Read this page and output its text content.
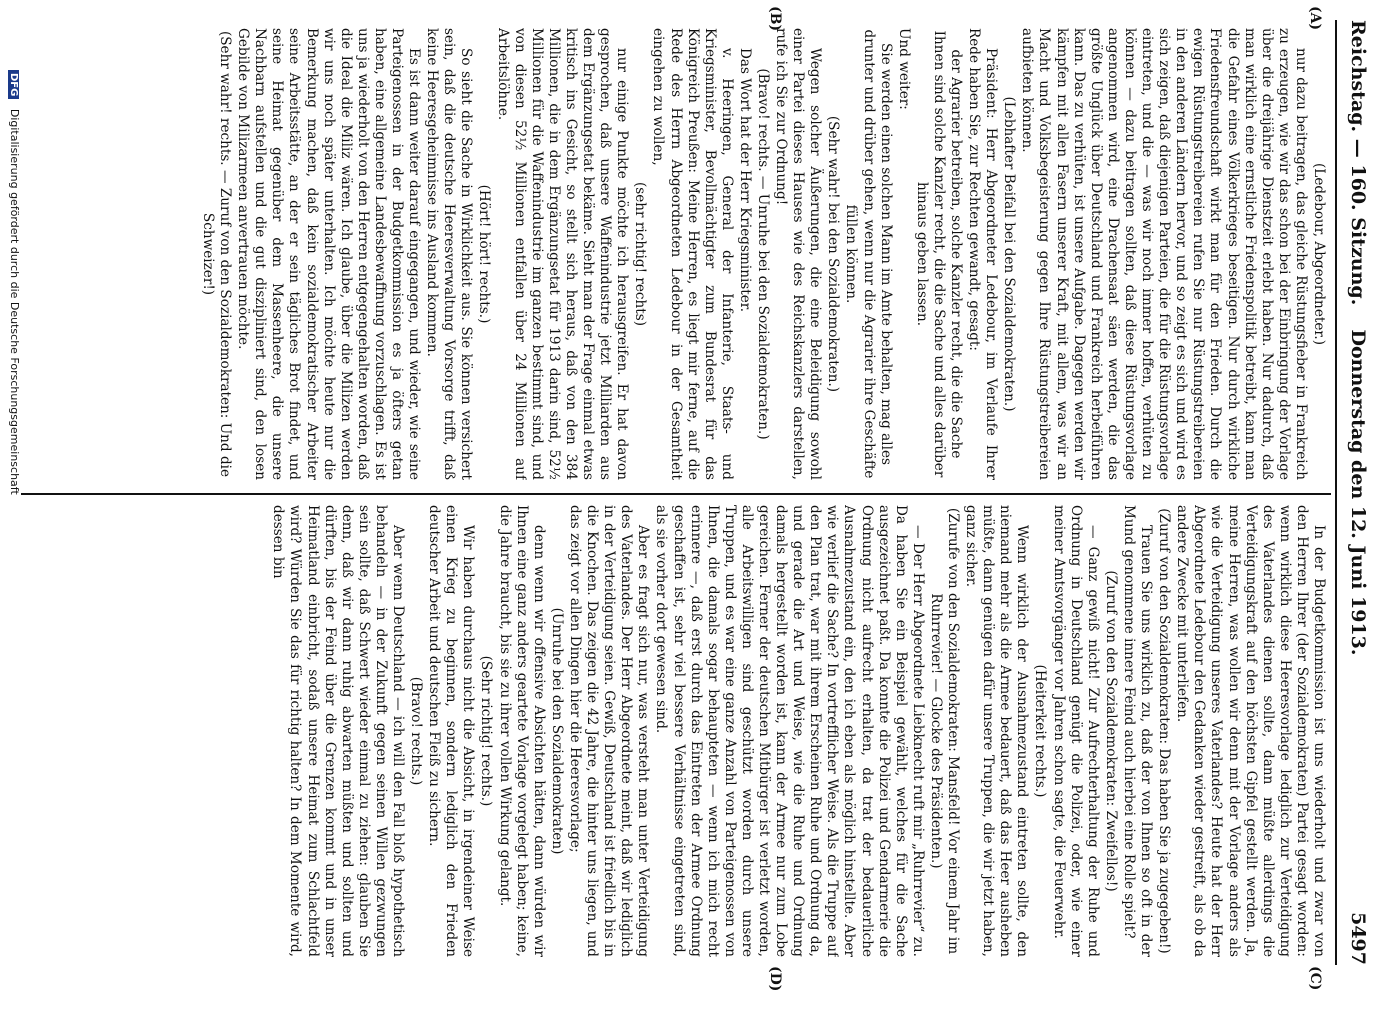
Reichstag. — 160. Sitzung.
Donnerstag den 12. Juni 1913.
5497
(A)
(B)
(C)
(D)

(Ledebour, Abgeordneter.)

nur dazu beitragen, das gleiche Rüstungsfieber in Frankreich zu erzeugen, wie wir das schon bei der Einbringung der Vorlage über die dreijährige Dienstzeit erlebt haben. Nur dadurch, daß man wirklich eine ernstliche Friedenspolitik betreibt, kann man die Gefahr eines Völkerkrieges beseitigen. Nur durch wirkliche Friedensfreundschaft wirkt man für den Frieden. Durch die ewigen Rüstungstreibereien rufen Sie nur Rüstungstreibereien in den anderen Ländern hervor, und so zeigt es sich und wird es sich zeigen, daß diejenigen Parteien, die für die Rüstungsvorlage eintreten, und die — was wir noch immer hoffen, verhüten zu können — dazu beitragen sollten, daß diese Rüstungsvorlage angenommen wird, eine Drachensaat säen werden, die das größte Unglück über Deutschland und Frankreich herbeiführen kann. Das zu verhüten, ist unsere Aufgabe. Dagegen werden wir kämpfen mit allen Fasern unserer Kraft, mit allem, was wir an Macht und Volksbegeisterung gegen Ihre Rüstungstreibereien aufbieten können.

(Lebhafter Beifall bei den Sozialdemokraten.)

Präsident: Herr Abgeordneter Ledebour, im Verlaufe Ihrer Rede haben Sie, zur Rechten gewandt, gesagt:

der Agrarier betreiben, solche Kanzler recht, die die Sache Ihnen sind solche Kanzler recht, die die Sache und alles darüber hinaus geben lassen.

Und weiter:

Sie werden einen solchen Mann im Amte behalten, mag alles drunter und drüber gehen, wenn nur die Agrarier ihre Geschäfte füllen können.

(Sehr wahr! bei den Sozialdemokraten.)

Wegen solcher Äußerungen, die eine Beleidigung sowohl einer Partei dieses Hauses wie des Reichskanzlers darstellen, rufe ich Sie zur Ordnung!

(Bravo! rechts. — Unruhe bei den Sozialdemokraten.)

Das Wort hat der Herr Kriegsminister.

v. Heeringen, General der Infanterie, Staats- und Kriegsminister, Bevollmächtigter zum Bundesrat für das Königreich Preußen: Meine Herren, es liegt mir ferne, auf die Rede des Herrn Abgeordneten Ledebour in der Gesamtheit eingehen zu wollen,

(sehr richtig! rechts)

nur einige Punkte möchte ich herausgreifen. Er hat davon gesprochen, daß unsere Waffenindustrie jetzt Milliarden aus dem Ergänzungsetat bekäme. Sieht man der Frage einmal etwas kritisch ins Gesicht, so stellt sich heraus, daß von den 384 Millionen, die in dem Ergänzungsetat für 1913 darin sind, 52½ Millionen für die Waffenindustrie im ganzen bestimmt sind, und von diesen 52½ Millionen entfallen über 24 Millionen auf Arbeitslöhne.

(Hört! hört! rechts.)

So sieht die Sache in Wirklichkeit aus. Sie können versichert sein, daß die deutsche Heeresverwaltung Vorsorge trifft, daß keine Heeresgeheimnisse ins Ausland kommen.

Es ist dann weiter darauf eingegangen, und wieder, wie seine Parteigenossen in der Budgetkommission es ja öfters getan haben, eine allgemeine Landesbewaffnung vorzuschlagen. Es ist uns ja wiederholt von den Herren entgegengehalten worden, daß die Ideal die Miliz wären. Ich glaube, über die Milizen werden wir uns noch später unterhalten. Ich möchte heute nur die Bemerkung machen, daß kein sozialdemokratischer Arbeiter seine Arbeitsstätte, an der er sein tägliches Brot findet, und seine Heimat gegenüber dem Massenheere, die unsere Nachbarn aufstellen und die gut diszipliniert sind, den losen Gebilde von Milizarmeen anvertrauen möchte.

(Sehr wahr! rechts. — Zuruf von den Sozialdemokraten: Und die Schweizer!)

In der Budgetkommission ist uns wiederholt und zwar von den Herren Ihrer (der Sozialdemokraten) Partei gesagt worden: wenn wirklich diese Heeresvorlage lediglich zur Verteidigung des Vaterlandes dienen sollte, dann müßte allerdings die Verteidigungskraft auf den höchsten Gipfel gestellt werden. Ja, meine Herren, was wollen wir denn mit der Vorlage anders als wie die Verteidigung unseres Vaterlandes? Heute hat der Herr Abgeordnete Ledebour den Gedanken wieder gestreift, als ob da andere Zwecke mit unterliefen.

(Zuruf von den Sozialdemokraten: Das haben Sie ja zugegeben!)

Trauen Sie uns wirklich zu, daß der von Ihnen so oft in der Mund genommene innere Feind auch hierbei eine Rolle spielt?

(Zuruf von den Sozialdemokraten: Zweifellos!)

— Ganz gewiß nicht! Zur Aufrechterhaltung der Ruhe und Ordnung in Deutschland genügt die Polizei, oder, wie einer meiner Amtsvorgänger vor Jahren schon sagte, die Feuerwehr.

(Heiterkeit rechts.)

Wenn wirklich der Ausnahmezustand eintreten sollte, den niemand mehr als die Armee bedauert, daß das Heer ausheben müßte, dann genügen dafür unsere Truppen, die wir jetzt haben, ganz sicher.

(Zurufe von den Sozialdemokraten: Mansfeld! Vor einem Jahr im Ruhrrevier! — Glocke des Präsidenten.)

— Der Herr Abgeordnete Liebknecht ruft mir „Ruhrrevier“ zu. Da haben Sie ein Beispiel gewählt, welches für die Sache ausgezeichnet paßt. Da konnte die Polizei und Gendarmerie die Ordnung nicht aufrecht erhalten, da trat der bedauerliche Ausnahmezustand ein, den ich eben als möglich hinstellte. Aber wie verlief die Sache? In vortrefflicher Weise. Als die Truppe auf den Plan trat, war mit ihrem Erscheinen Ruhe und Ordnung da, und gerade die Art und Weise, wie die Ruhe und Ordnung damals hergestellt worden ist, kann der Armee nur zum Lobe gereichen. Ferner der deutschen Mitbürger ist verletzt worden, alle Arbeitswilligen sind geschützt worden durch unsere Truppen, und es war eine ganze Anzahl von Parteigenossen von Ihnen, die damals sogar behaupteten — wenn ich mich recht erinnere —, daß erst durch das Eintreten der Armee Ordnung geschaffen ist, sehr viel bessere Verhältnisse eingetreten sind, als sie vorher dort gewesen sind.

Aber es fragt sich nur, was versteht man unter Verteidigung des Vaterlandes. Der Herr Abgeordnete meint, daß wir lediglich in der Verteidigung seien. Gewiß, Deutschland ist friedlich bis in die Knochen. Das zeigen die 42 Jahre, die hinter uns liegen, und das zeigt vor allen Dingen hier die Heeresvorlage;

(Unruhe bei den Sozialdemokraten)

denn wenn wir offensive Absichten hätten, dann würden wir Ihnen eine ganz anders geartete Vorlage vorgelegt haben; keine, die Jahre braucht, bis sie zu ihrer vollen Wirkung gelangt.

(Sehr richtig! rechts.)

Wir haben durchaus nicht die Absicht, in irgendeiner Weise einen Krieg zu beginnen, sondern lediglich den Frieden deutscher Arbeit und deutschen Fleiß zu sichern.

(Bravo! rechts.)

Aber wenn Deutschland — ich will den Fall bloß hypothetisch behandeln — in der Zukunft gegen seinen Willen gezwungen sein sollte, daß Schwert wieder einmal zu ziehen: glauben Sie denn, daß wir dann ruhig abwarten müßten und sollten und dürften, bis der Feind über die Grenzen kommt und in unser Heimatland einbricht, sodaß unsere Heimat zum Schlachtfeld wird? Würden Sie das für richtig halten? In dem Momente wird, dessen bin

DFG Digitalisierung gefördert durch die Deutsche Forschungsgemeinschaft
